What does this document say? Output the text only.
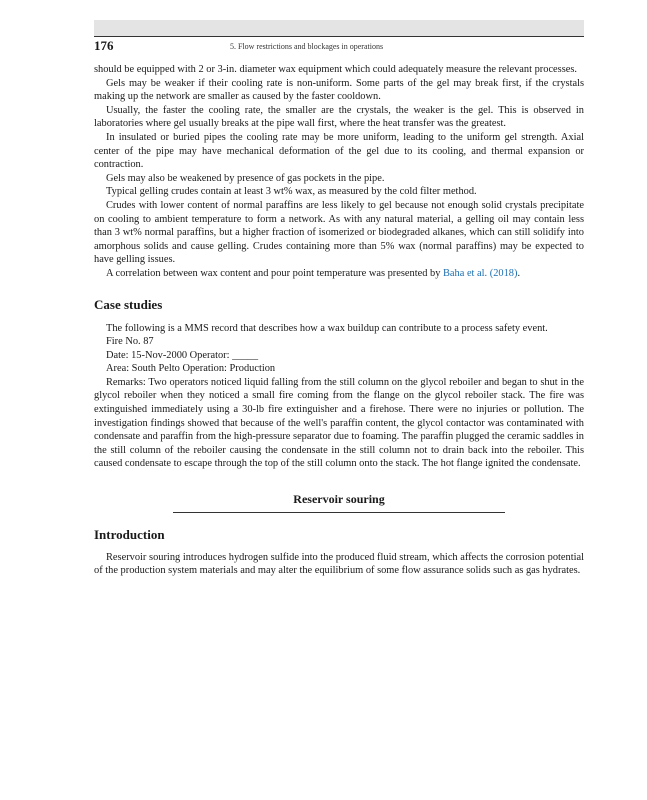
176	5. Flow restrictions and blockages in operations

should be equipped with 2 or 3-in. diameter wax equipment which could adequately measure the relevant processes.

Gels may be weaker if their cooling rate is non-uniform. Some parts of the gel may break first, if the crystals making up the network are smaller as caused by the faster cooldown.

Usually, the faster the cooling rate, the smaller are the crystals, the weaker is the gel. This is observed in laboratories where gel usually breaks at the pipe wall first, where the heat transfer was the greatest.

In insulated or buried pipes the cooling rate may be more uniform, leading to the uniform gel strength. Axial center of the pipe may have mechanical deformation of the gel due to its cooling, and thermal expansion or contraction.

Gels may also be weakened by presence of gas pockets in the pipe.

Typical gelling crudes contain at least 3 wt% wax, as measured by the cold filter method.

Crudes with lower content of normal paraffins are less likely to gel because not enough solid crystals precipitate on cooling to ambient temperature to form a network. As with any natural material, a gelling oil may contain less than 3 wt% normal paraffins, but a higher fraction of isomerized or biodegraded alkanes, which can still solidify into amorphous solids and cause gelling. Crudes containing more than 5% wax (normal paraffins) may be expected to have gelling issues.

A correlation between wax content and pour point temperature was presented by Baha et al. (2018).

Case studies

The following is a MMS record that describes how a wax buildup can contribute to a process safety event.

Fire No. 87

Date: 15-Nov-2000 Operator: _____

Area: South Pelto Operation: Production

Remarks: Two operators noticed liquid falling from the still column on the glycol reboiler and began to shut in the glycol reboiler when they noticed a small fire coming from the flange on the glycol reboiler stack. The fire was extinguished immediately using a 30-lb fire extinguisher and a firehose. There were no injuries or pollution. The investigation findings showed that because of the well's paraffin content, the glycol contactor was contaminated with condensate and paraffin from the high-pressure separator due to foaming. The paraffin plugged the ceramic saddles in the still column of the reboiler causing the condensate in the still column not to drain back into the reboiler. This caused condensate to escape through the top of the still column onto the stack. The hot flange ignited the condensate.

Reservoir souring
Introduction

Reservoir souring introduces hydrogen sulfide into the produced fluid stream, which affects the corrosion potential of the production system materials and may alter the equilibrium of some flow assurance solids such as gas hydrates.
